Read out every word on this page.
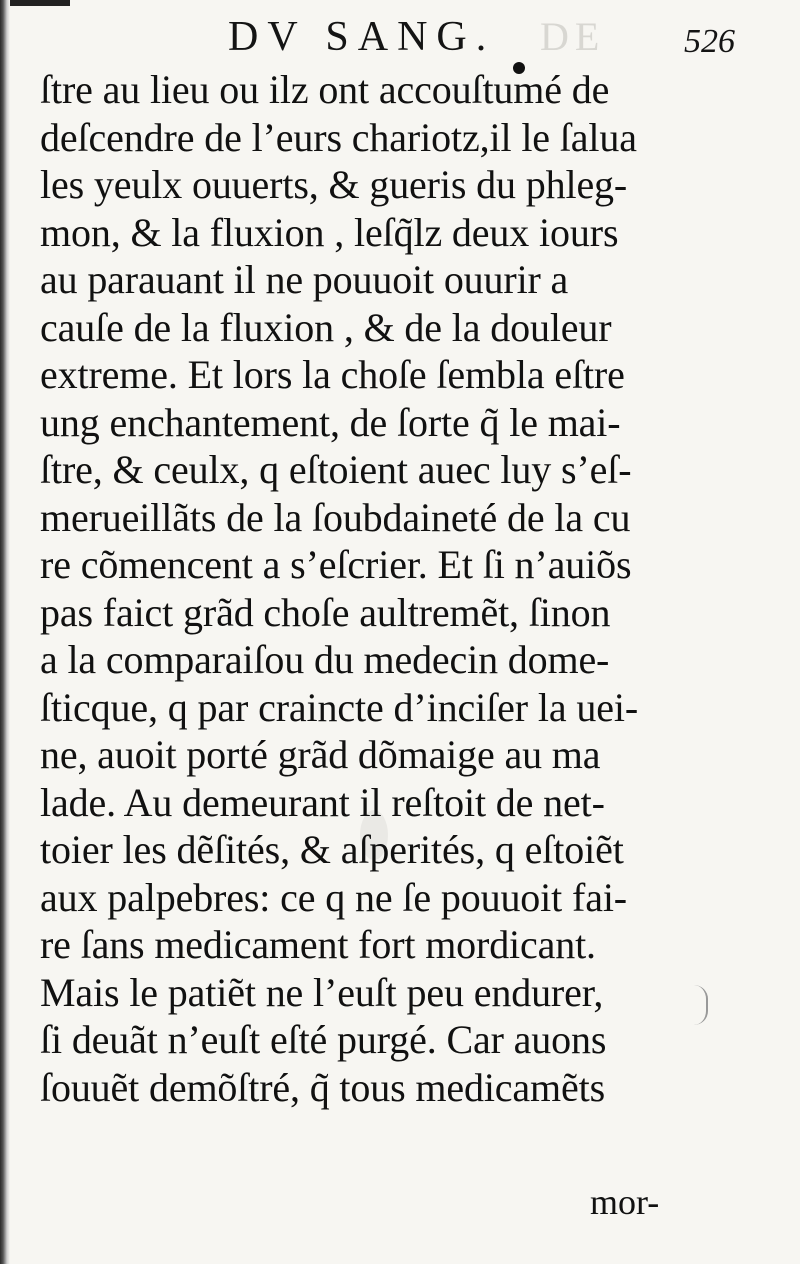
DV SANG. DE 526
ſtre au lieu ou ilz ont accouſtumé de
deſcendre de l’eurs chariotz,il le ſalua
les yeulx ouuerts, & gueris du phleg-
mon, & la fluxion , leſq̃lz deux iours
au parauant il ne pouuoit ouurir a
cauſe de la fluxion , & de la douleur
extreme. Et lors la choſe ſembla eſtre
ung enchantement, de ſorte q̃ le mai-
ſtre, & ceulx, q eſtoient auec luy s’eſ-
merueillãts de la ſoubdaineté de la cu
re cõmencent a s’eſcrier. Et ſi n’auiõs
pas faict grãd choſe aultremẽt, ſinon
a la comparaiſou du medecin dome-
ſticque, q par craincte d’inciſer la uei-
ne, auoit porté grãd dõmaige au ma
lade. Au demeurant il reſtoit de net-
toier les dẽſités, & aſperités, q eſtoiẽt
aux palpebres: ce q ne ſe pouuoit fai-
re ſans medicament fort mordicant.
Mais le patiẽt ne l’euſt peu endurer,
ſi deuãt n’euſt eſté purgé. Car auons
ſouuẽt demõſtré, q̃ tous medicamẽts
mor-
